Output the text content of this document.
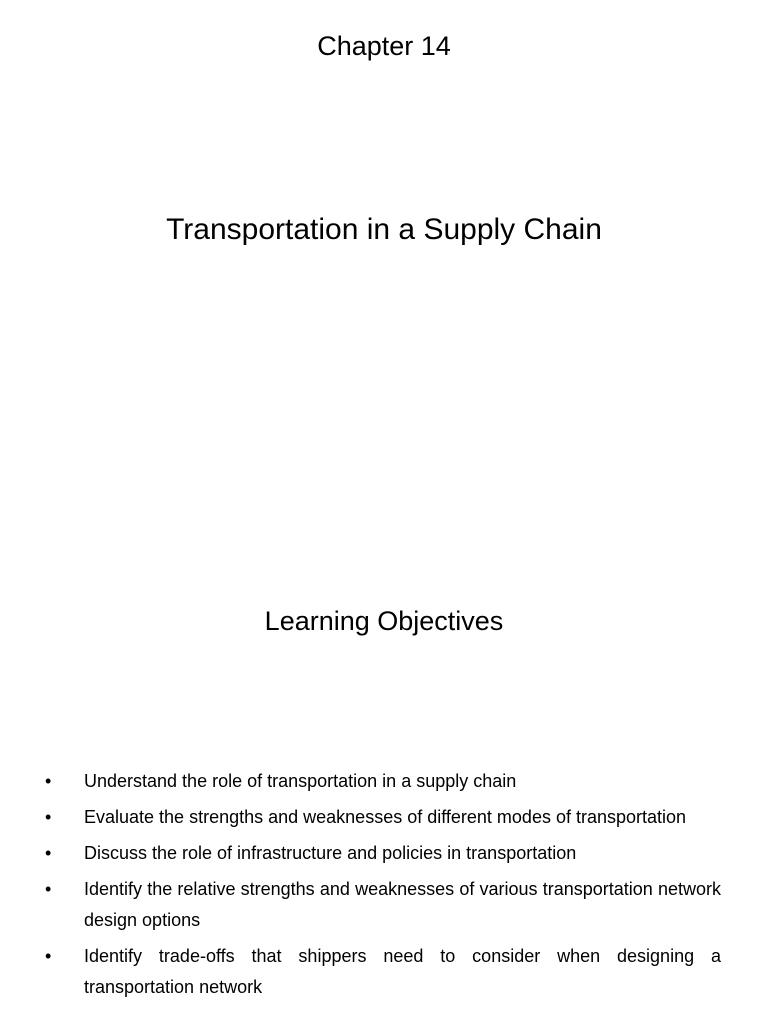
Chapter 14
Transportation in a Supply Chain
Learning Objectives
• Understand the role of transportation in a supply chain
• Evaluate the strengths and weaknesses of different modes of transportation
• Discuss the role of infrastructure and policies in transportation
• Identify the relative strengths and weaknesses of various transportation network design options
• Identify trade-offs that shippers need to consider when designing a transportation network
